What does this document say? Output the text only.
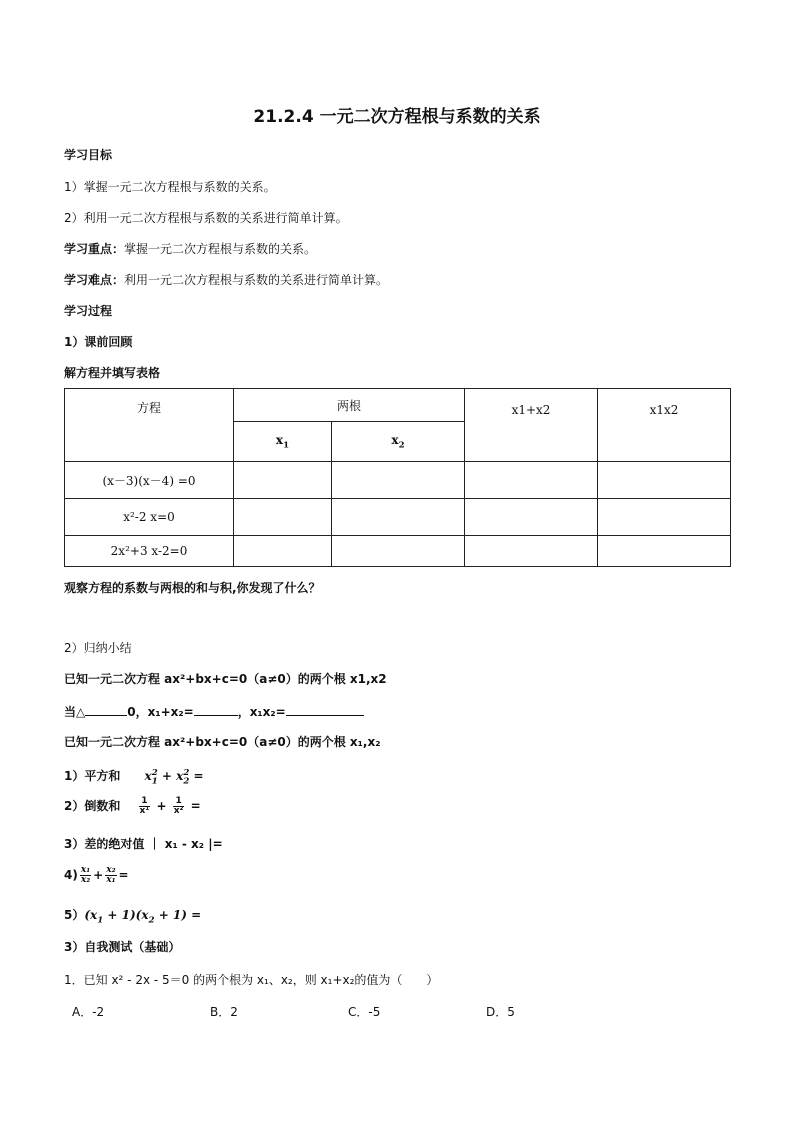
21.2.4 一元二次方程根与系数的关系
学习目标
1）掌握一元二次方程根与系数的关系。
2）利用一元二次方程根与系数的关系进行简单计算。
学习重点：掌握一元二次方程根与系数的关系。
学习难点：利用一元二次方程根与系数的关系进行简单计算。
学习过程
1）课前回顾
解方程并填写表格
方程	两根		x1+x2	x1x2
	$x_1$	$x_2$
(x－3)(x－4) =0				
x²-2 x=0				
2x²+3 x-2=0				
观察方程的系数与两根的和与积,你发现了什么？
2）归纳小结
已知一元二次方程 ax²+bx+c=0（a≠0）的两个根 x1,x2
当△	0，x₁+x₂=	，x₁x₂=
已知一元二次方程 ax²+bx+c=0（a≠0）的两个根 x₁,x₂
1）平方和 $x_1^2 + x_2^2$ =
2）倒数和 $\frac{1}{\text{x¹}} + \frac{1}{\text{x²}}$ =
3）差的绝对值 ｜ x₁ - x₂ |=
$4) \frac{\text{x₁}}{\text{x₂}} + \frac{\text{x₂}}{\text{x₁}}$ =
$5)(x_1 + 1)(x_2 + 1)$ =
3）自我测试（基础）
1．已知 x² - 2x - 5＝0 的两个根为 x₁、x₂，则 x₁+x₂的值为（　　）
A．-2	B．2	C．-5	D．5
